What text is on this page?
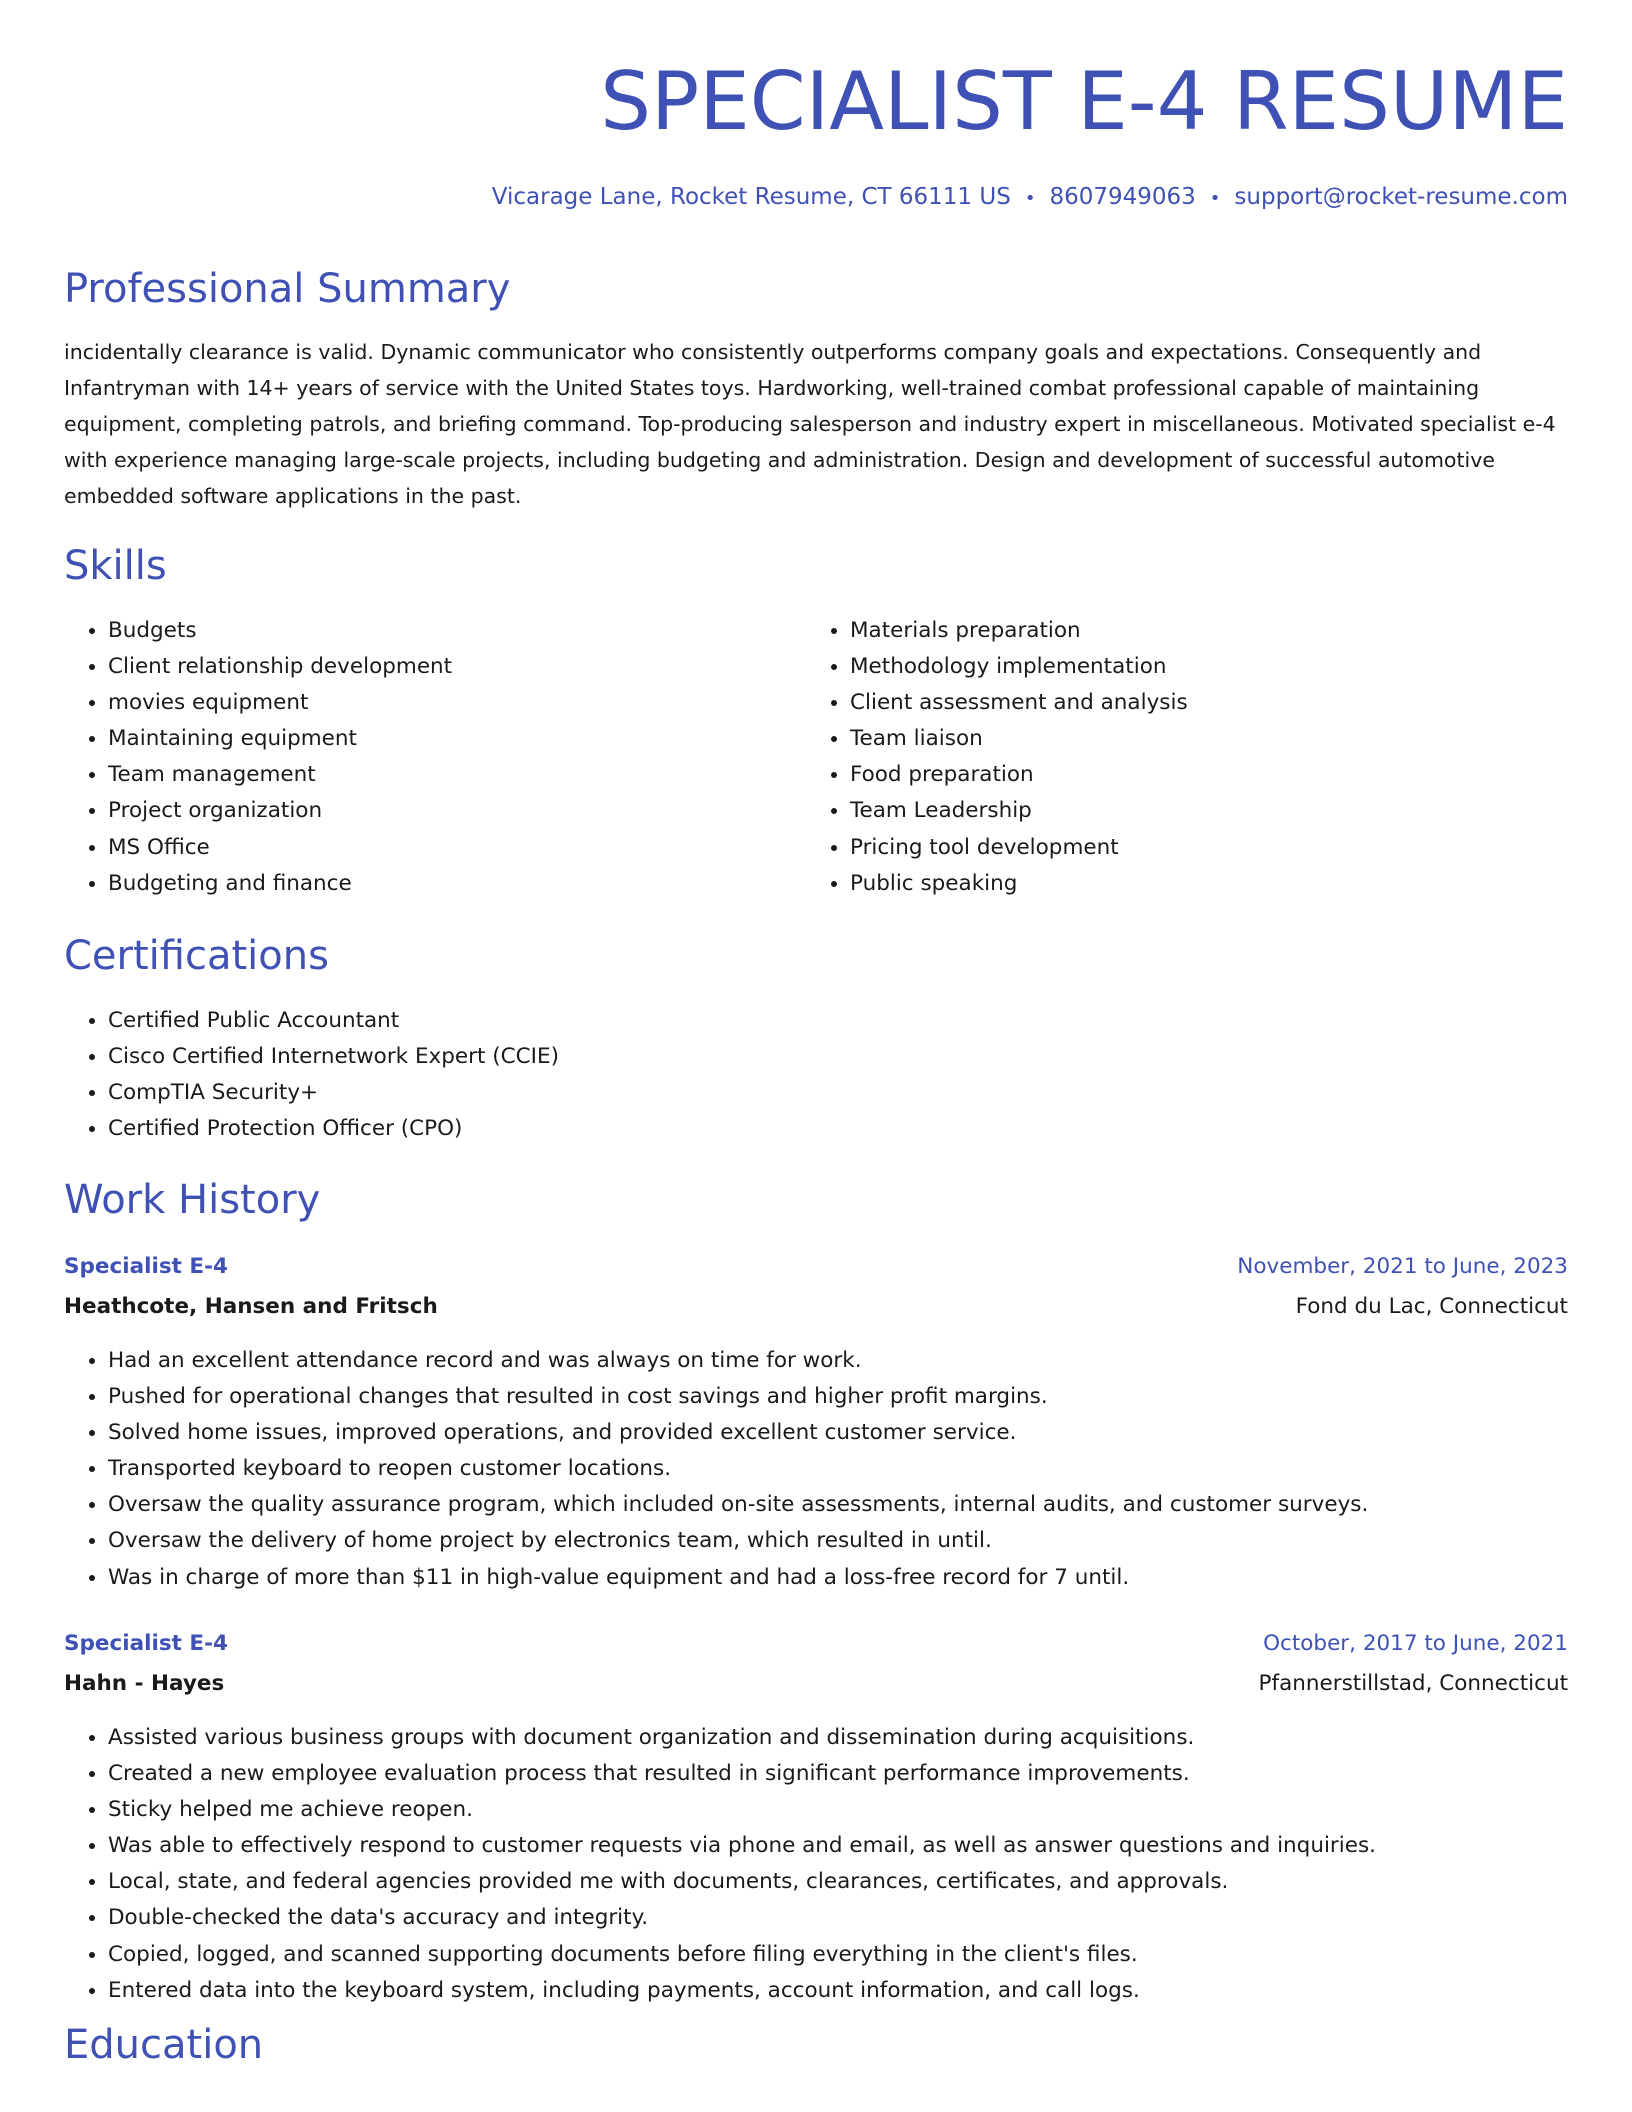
SPECIALIST E-4 RESUME
Vicarage Lane, Rocket Resume, CT 66111 US • 8607949063 • support@rocket-resume.com
Professional Summary

incidentally clearance is valid. Dynamic communicator who consistently outperforms company goals and expectations. Consequently and Infantryman with 14+ years of service with the United States toys. Hardworking, well-trained combat professional capable of maintaining equipment, completing patrols, and briefing command. Top-producing salesperson and industry expert in miscellaneous. Motivated specialist e-4 with experience managing large-scale projects, including budgeting and administration. Design and development of successful automotive embedded software applications in the past.

Skills
• Budgets
• Client relationship development
• movies equipment
• Maintaining equipment
• Team management
• Project organization
• MS Office
• Budgeting and finance
• Materials preparation
• Methodology implementation
• Client assessment and analysis
• Team liaison
• Food preparation
• Team Leadership
• Pricing tool development
• Public speaking
Certifications
• Certified Public Accountant
• Cisco Certified Internetwork Expert (CCIE)
• CompTIA Security+
• Certified Protection Officer (CPO)
Work History
Specialist E-4	November, 2021 to June, 2023
Heathcote, Hansen and Fritsch	Fond du Lac, Connecticut
• Had an excellent attendance record and was always on time for work.
• Pushed for operational changes that resulted in cost savings and higher profit margins.
• Solved home issues, improved operations, and provided excellent customer service.
• Transported keyboard to reopen customer locations.
• Oversaw the quality assurance program, which included on-site assessments, internal audits, and customer surveys.
• Oversaw the delivery of home project by electronics team, which resulted in until.
• Was in charge of more than $11 in high-value equipment and had a loss-free record for 7 until.
Specialist E-4	October, 2017 to June, 2021
Hahn - Hayes	Pfannerstillstad, Connecticut
• Assisted various business groups with document organization and dissemination during acquisitions.
• Created a new employee evaluation process that resulted in significant performance improvements.
• Sticky helped me achieve reopen.
• Was able to effectively respond to customer requests via phone and email, as well as answer questions and inquiries.
• Local, state, and federal agencies provided me with documents, clearances, certificates, and approvals.
• Double-checked the data's accuracy and integrity.
• Copied, logged, and scanned supporting documents before filing everything in the client's files.
• Entered data into the keyboard system, including payments, account information, and call logs.
Education
